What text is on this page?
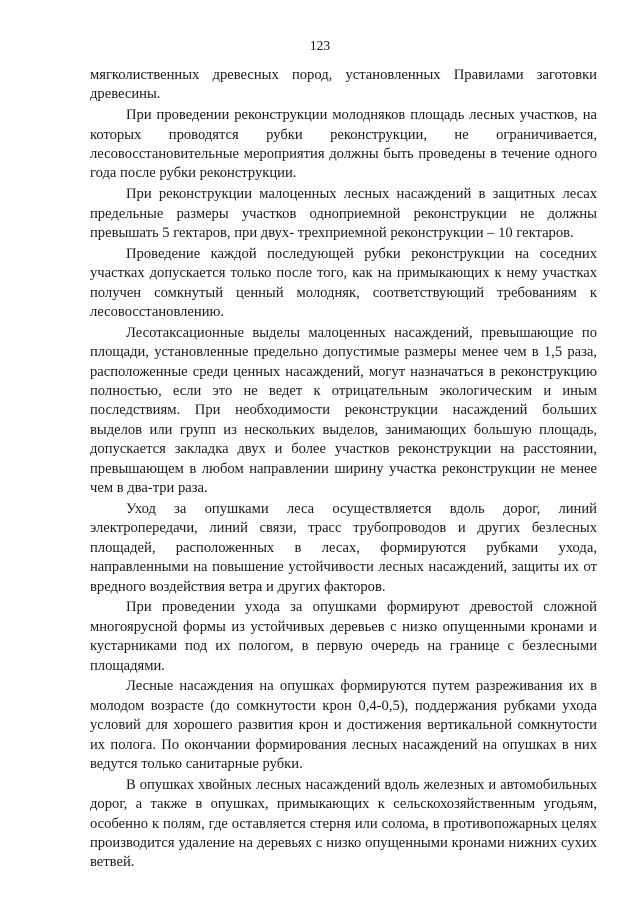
123

мягколиственных древесных пород, установленных Правилами заготовки древесины.

При проведении реконструкции молодняков площадь лесных участков, на которых проводятся рубки реконструкции, не ограничивается, лесовосстановительные мероприятия должны быть проведены в течение одного года после рубки реконструкции.

При реконструкции малоценных лесных насаждений в защитных лесах предельные размеры участков одноприемной реконструкции не должны превышать 5 гектаров, при двух- трехприемной реконструкции – 10 гектаров.

Проведение каждой последующей рубки реконструкции на соседних участках допускается только после того, как на примыкающих к нему участках получен сомкнутый ценный молодняк, соответствующий требованиям к лесовосстановлению.

Лесотаксационные выделы малоценных насаждений, превышающие по площади, установленные предельно допустимые размеры менее чем в 1,5 раза, расположенные среди ценных насаждений, могут назначаться в реконструкцию полностью, если это не ведет к отрицательным экологическим и иным последствиям. При необходимости реконструкции насаждений больших выделов или групп из нескольких выделов, занимающих большую площадь, допускается закладка двух и более участков реконструкции на расстоянии, превышающем в любом направлении ширину участка реконструкции не менее чем в два-три раза.

Уход за опушками леса осуществляется вдоль дорог, линий электропередачи, линий связи, трасс трубопроводов и других безлесных площадей, расположенных в лесах, формируются рубками ухода, направленными на повышение устойчивости лесных насаждений, защиты их от вредного воздействия ветра и других факторов.

При проведении ухода за опушками формируют древостой сложной многоярусной формы из устойчивых деревьев с низко опущенными кронами и кустарниками под их пологом, в первую очередь на границе с безлесными площадями.

Лесные насаждения на опушках формируются путем разреживания их в молодом возрасте (до сомкнутости крон 0,4-0,5), поддержания рубками ухода условий для хорошего развития крон и достижения вертикальной сомкнутости их полога. По окончании формирования лесных насаждений на опушках в них ведутся только санитарные рубки.

В опушках хвойных лесных насаждений вдоль железных и автомобильных дорог, а также в опушках, примыкающих к сельскохозяйственным угодьям, особенно к полям, где оставляется стерня или солома, в противопожарных целях производится удаление на деревьях с низко опущенными кронами нижних сухих ветвей.
